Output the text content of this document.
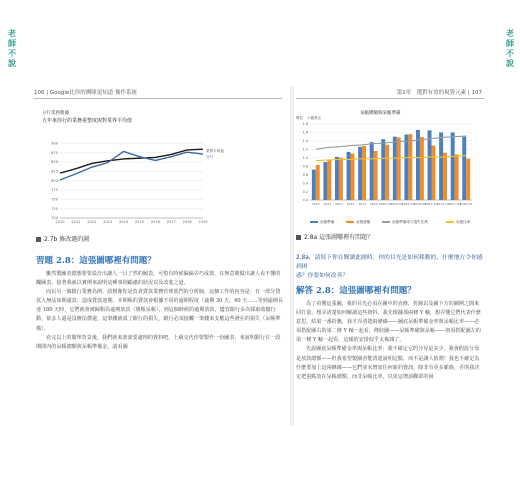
老師不說
老師不說
106 | Google比你的團隊更知道 操作系統
分行業務數據
五年來你行的業務重整度與對業界平均值
700
725
750
775
800
825
850
875
900
2010 2011 2012 2013 2014 2015 2016 2017 2018 2019
業界平均值
分行
2.7b 修改過的圖
習題 2.8：這張圖哪裡有問題？

雖然製圖者總想要要設計出讓人一目了然的圖表，可惜有時候偏偏弄巧成拙，在無意間做出讓人看不懂的爛圖表。接著我就以實例來說明這種事則顧慮的狀況以及改進之道。

而以另一個銀行業務為例。請想像你是負責貸款業務管理部門的分析師，這個工作的內容是：有一部分貸款人無法如期還款，造成貸款違期。本期帳的貸款會根據不同的逾期程度（逾期 30 天、60 天……等到逾期長達 180 天時，它們就會被歸類為逾期放款（壞帳呆帳），到這個時候的逾期放款，儘管銀行多次採取收繳行動，依多人還是沒辦法償還，這筆錢就成了銀行的損失，銀行必須接觸一筆錢來支應這些潛在的損失（呆帳準備）。

看完以上的簡單背景後，我們就來談談要處理的資料吧，上級交代你要製作一份圖表，來說明銀行在一段期間內的呆帳總額與呆帳準備金，請看圖

第2章　選對有效的視覺元素 | 107
呆帳總額與呆帳準備
單位：十億美元
0.0
0.2
0.4
0.6
0.8
1.0
1.2
1.4
1.6
1.8
2010 2011 2012 2013 2014 2015 2016-Q1
2016-Q2
2016-Q3
2016-Q4
2017-Q1
2017-Q2
2017-Q3
2018-Q1
呆帳準備	呆帳總額	呆帳準備率占損失比例	呆帳比率
2.8a 這張圖哪裡有問題？
2.8a，請寫下你在閱讀此圖時，你的目光是如何移動的，什麼地方令你感到困
惑？你要如何改善？
解答 2.8：這張圖哪裡有問題？

為了看懂這張圖，我的目光必須在圖中的直條、折線以及圖下方的圖例之間來回打量，想弄清楚如何解讀這些資料，我先根據那兩條 Y 軸，想弄懂它們代表什麼意思，結果一番折騰，我才弄清楚兩條線——圖底呆帳準備金率與呆帳比率——必須搭配圖右的第二條 Y 軸一起看，條狀圖——呆帳準備與呆帳——則須搭配圖左的第一條 Y 軸一起看，這樣的安排似乎太複雜了。

先說圖底呆帳準備金率與呆帳比率：我不確定它的分母是多少，我會假設分母是放款總額——但我希望製圖者能清楚說明這點，而不是讓人猜測！我也不確定為什麼要加上這兩條線——它們並未增加任何新的資訊，除非有更多脈絡，否則我決定把重點放在呆帳總額，而非呆帳比率，以免這增添觀眾的困
